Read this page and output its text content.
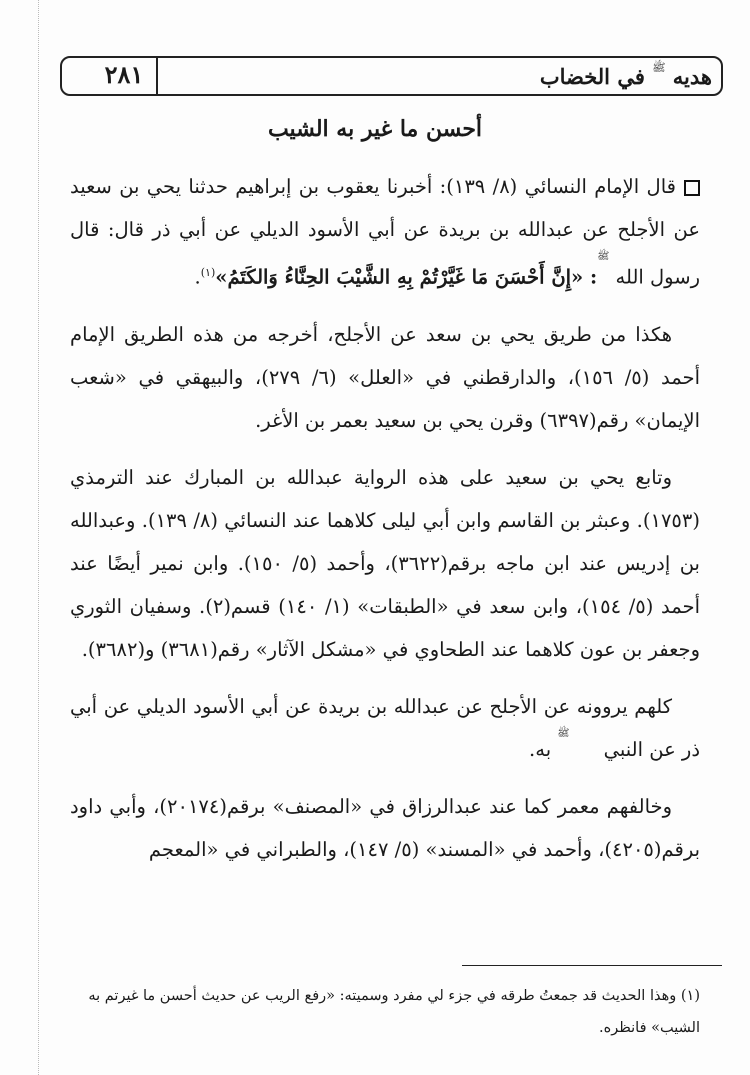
٢٨١	هديه ﷺ في الخضاب
أحسن ما غير به الشيب

قال الإمام النسائي (٨/ ١٣٩): أخبرنا يعقوب بن إبراهيم حدثنا يحي بن سعيد عن الأجلح عن عبدالله بن بريدة عن أبي الأسود الديلي عن أبي ذر قال: قال رسول الله ﷺ: «إِنَّ أَحْسَنَ مَا غَيَّرْتُمْ بِهِ الشَّيْبَ الحِنَّاءُ وَالكَتَمُ»$^{(١)}$.

هكذا من طريق يحي بن سعد عن الأجلح، أخرجه من هذه الطريق الإمام أحمد (٥/ ١٥٦)، والدارقطني في «العلل» (٦/ ٢٧٩)، والبيهقي في «شعب الإيمان» رقم(٦٣٩٧) وقرن يحي بن سعيد بعمر بن الأغر.

وتابع يحي بن سعيد على هذه الرواية عبدالله بن المبارك عند الترمذي (١٧٥٣). وعبثر بن القاسم وابن أبي ليلى كلاهما عند النسائي (٨/ ١٣٩). وعبدالله بن إدريس عند ابن ماجه برقم(٣٦٢٢)، وأحمد (٥/ ١٥٠). وابن نمير أيضًا عند أحمد (٥/ ١٥٤)، وابن سعد في «الطبقات» (١/ ١٤٠) قسم(٢). وسفيان الثوري وجعفر بن عون كلاهما عند الطحاوي في «مشكل الآثار» رقم(٣٦٨١) و(٣٦٨٢).

كلهم يروونه عن الأجلح عن عبدالله بن بريدة عن أبي الأسود الديلي عن أبي ذر عن النبي ﷺ به.

وخالفهم معمر كما عند عبدالرزاق في «المصنف» برقم(٢٠١٧٤)، وأبي داود برقم(٤٢٠٥)، وأحمد في «المسند» (٥/ ١٤٧)، والطبراني في «المعجم

(١) وهذا الحديث قد جمعتُ طرقه في جزء لي مفرد وسميته: «رفع الريب عن حديث أحسن ما غيرتم به الشيب» فانظره.
